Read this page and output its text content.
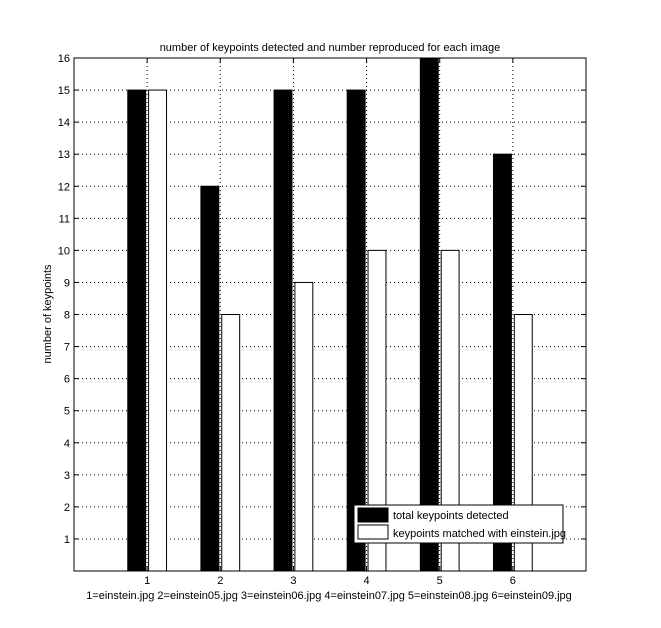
number of keypoints detected and number reproduced for each image
1
2
3
4
5
6
7
8
9
10
11
12
13
14
15
16
1	2	3	4	5	6
number of keypoints
1=einstein.jpg 2=einstein05.jpg 3=einstein06.jpg 4=einstein07.jpg 5=einstein08.jpg 6=einstein09.jpg
total keypoints detected
keypoints matched with einstein.jpg
